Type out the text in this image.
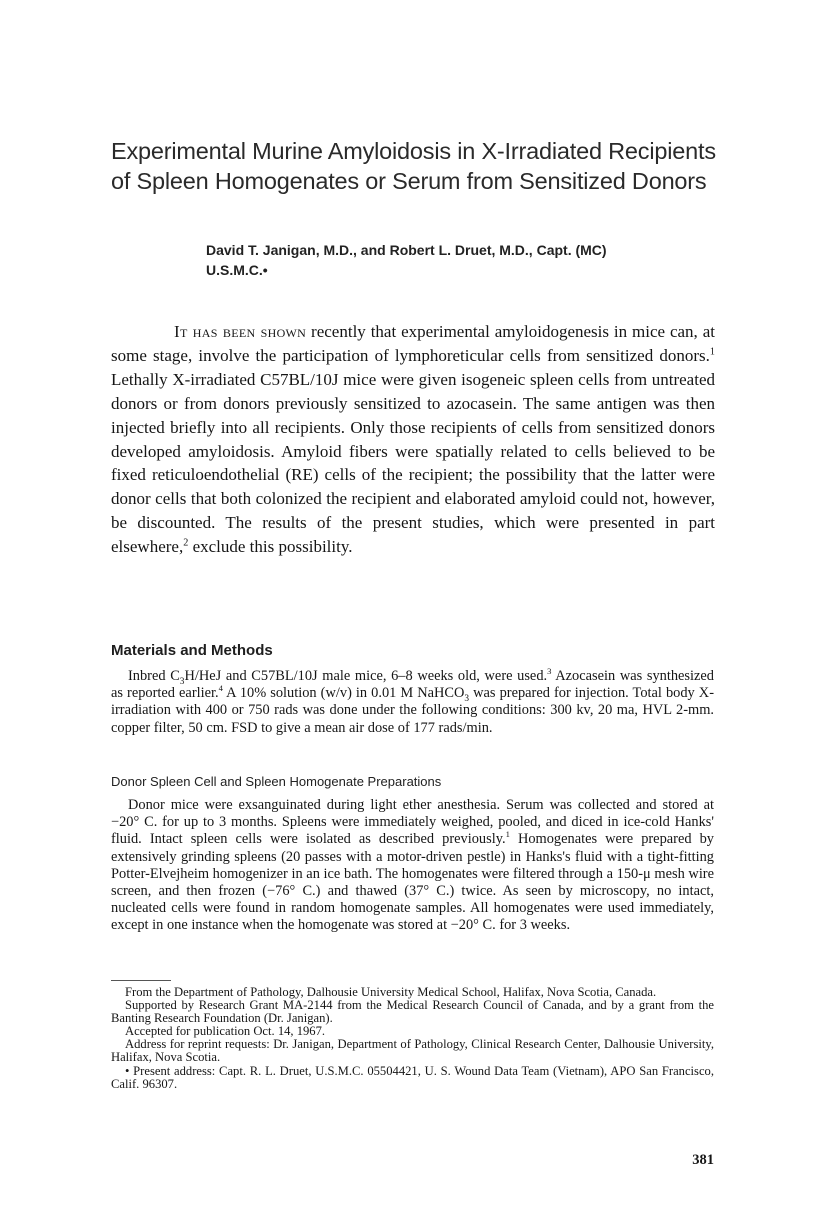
Experimental Murine Amyloidosis in X-Irradiated Recipients of Spleen Homogenates or Serum from Sensitized Donors
David T. Janigan, M.D., and Robert L. Druet, M.D., Capt. (MC)
U.S.M.C.•

It has been shown recently that experimental amyloidogenesis in mice can, at some stage, involve the participation of lymphoreticular cells from sensitized donors.$^1$ Lethally X-irradiated C57BL/10J mice were given isogeneic spleen cells from untreated donors or from donors previously sensitized to azocasein. The same antigen was then injected briefly into all recipients. Only those recipients of cells from sensitized donors developed amyloidosis. Amyloid fibers were spatially related to cells believed to be fixed reticuloendothelial (RE) cells of the recipient; the possibility that the latter were donor cells that both colonized the recipient and elaborated amyloid could not, however, be discounted. The results of the present studies, which were presented in part elsewhere,$^2$ exclude this possibility.

Materials and Methods

Inbred $C_3H$/HeJ and C57BL/10J male mice, 6–8 weeks old, were used.$^3$ Azocasein was synthesized as reported earlier.$^4$ A 10% solution (w/v) in 0.01 M NaHCO$_3$ was prepared for injection. Total body X-irradiation with 400 or 750 rads was done under the following conditions: 300 kv, 20 ma, HVL 2-mm. copper filter, 50 cm. FSD to give a mean air dose of 177 rads/min.

Donor Spleen Cell and Spleen Homogenate Preparations

Donor mice were exsanguinated during light ether anesthesia. Serum was collected and stored at −20° C. for up to 3 months. Spleens were immediately weighed, pooled, and diced in ice-cold Hanks' fluid. Intact spleen cells were isolated as described previously.$^1$ Homogenates were prepared by extensively grinding spleens (20 passes with a motor-driven pestle) in Hanks's fluid with a tight-fitting Potter-Elvejheim homogenizer in an ice bath. The homogenates were filtered through a 150-μ mesh wire screen, and then frozen (−76° C.) and thawed (37° C.) twice. As seen by microscopy, no intact, nucleated cells were found in random homogenate samples. All homogenates were used immediately, except in one instance when the homogenate was stored at −20° C. for 3 weeks.

From the Department of Pathology, Dalhousie University Medical School, Halifax, Nova Scotia, Canada.

Supported by Research Grant MA-2144 from the Medical Research Council of Canada, and by a grant from the Banting Research Foundation (Dr. Janigan).

Accepted for publication Oct. 14, 1967.

Address for reprint requests: Dr. Janigan, Department of Pathology, Clinical Research Center, Dalhousie University, Halifax, Nova Scotia.

• Present address: Capt. R. L. Druet, U.S.M.C. 05504421, U. S. Wound Data Team (Vietnam), APO San Francisco, Calif. 96307.

381
